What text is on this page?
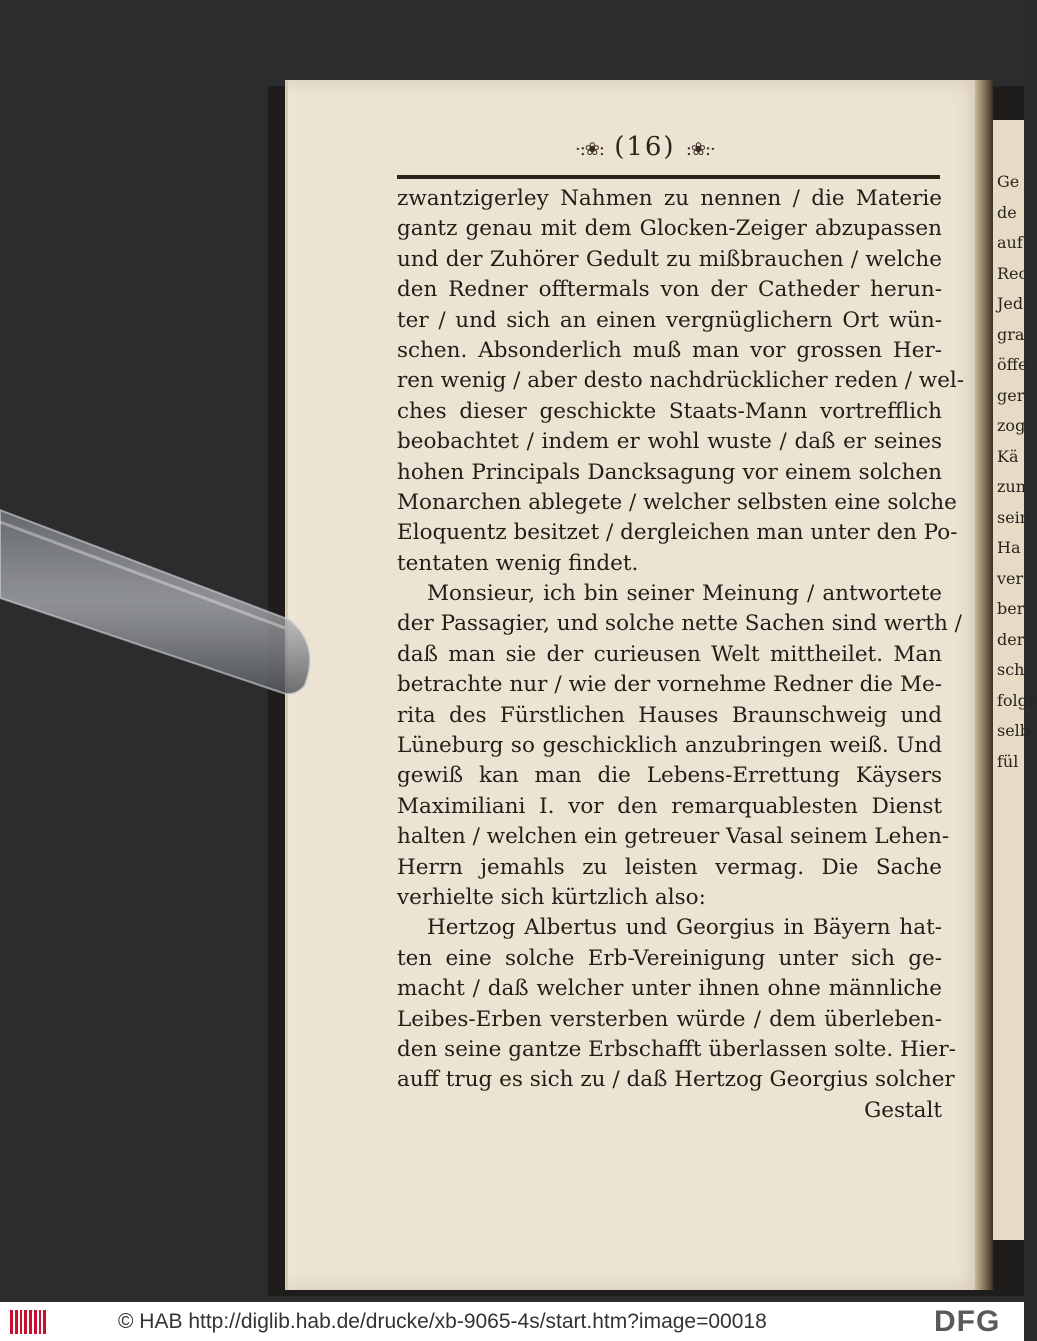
Ge
de
auf
Rec
Jed
gra
öffe
ger
zog
Kä
zun
sein
Ha
ver
ber
der
sch
folge
selb
fül
·:❀: (16) :❀:·
zwantzigerley Nahmen zu nennen / die Materie
gantz genau mit dem Glocken-Zeiger abzupassen
und der Zuhörer Gedult zu mißbrauchen / welche
den Redner offtermals von der Catheder herun-
ter / und sich an einen vergnüglichern Ort wün-
schen. Absonderlich muß man vor grossen Her-
ren wenig / aber desto nachdrücklicher reden / wel-
ches dieser geschickte Staats-Mann vortrefflich
beobachtet / indem er wohl wuste / daß er seines
hohen Principals Dancksagung vor einem solchen
Monarchen ablegete / welcher selbsten eine solche
Eloquentz besitzet / dergleichen man unter den Po-
tentaten wenig findet.
Monsieur, ich bin seiner Meinung / antwortete
der Passagier, und solche nette Sachen sind werth /
daß man sie der curieusen Welt mittheilet. Man
betrachte nur / wie der vornehme Redner die Me-
rita des Fürstlichen Hauses Braunschweig und
Lüneburg so geschicklich anzubringen weiß. Und
gewiß kan man die Lebens-Errettung Käysers
Maximiliani I. vor den remarquablesten Dienst
halten / welchen ein getreuer Vasal seinem Lehen-
Herrn jemahls zu leisten vermag. Die Sache
verhielte sich kürtzlich also:
Hertzog Albertus und Georgius in Bäyern hat-
ten eine solche Erb-Vereinigung unter sich ge-
macht / daß welcher unter ihnen ohne männliche
Leibes-Erben versterben würde / dem überleben-
den seine gantze Erbschafft überlassen solte. Hier-
auff trug es sich zu / daß Hertzog Georgius solcher
Gestalt
© HAB http://diglib.hab.de/drucke/xb-9065-4s/start.htm?image=00018	DFG
